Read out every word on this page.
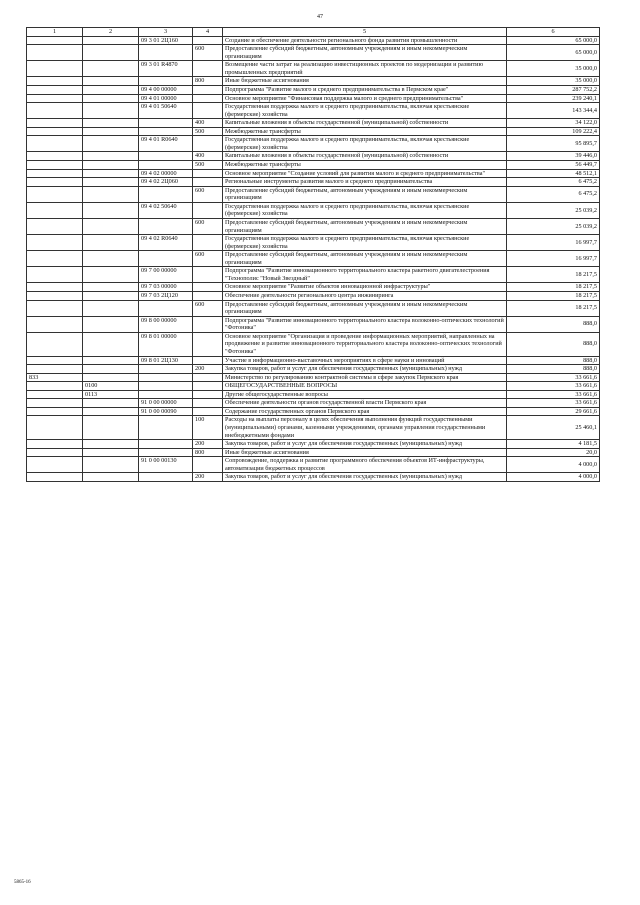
47
1	2	3	4	5	6
		09 3 01 2Ц160		Создание и обеспечение деятельности регионального фонда развития промышленности	65 000,0
			600	Предоставление субсидий бюджетным, автономным учреждениям и иным некоммерческим организациям	65 000,0
		09 3 01 R4870		Возмещение части затрат на реализацию инвестиционных проектов по модернизации и развитию промышленных предприятий	35 000,0
			800	Иные бюджетные ассигнования	35 000,0
		09 4 00 00000		Подпрограмма "Развитие малого и среднего предпринимательства в Пермском крае"	287 752,2
		09 4 01 00000		Основное мероприятие "Финансовая поддержка малого и среднего предпринимательства"	239 240,1
		09 4 01 50640		Государственная поддержка малого и среднего предпринимательства, включая крестьянские (фермерские) хозяйства	143 344,4
			400	Капитальные вложения в объекты государственной (муниципальной) собственности	34 122,0
			500	Межбюджетные трансферты	109 222,4
		09 4 01 R0640		Государственная поддержка малого и среднего предпринимательства, включая крестьянские (фермерские) хозяйства	95 895,7
			400	Капитальные вложения в объекты государственной (муниципальной) собственности	39 446,0
			500	Межбюджетные трансферты	56 449,7
		09 4 02 00000		Основное мероприятие "Создание условий для развития малого и среднего предпринимательства"	48 512,1
		09 4 02 2Ц060		Региональные инструменты развития малого и среднего предпринимательства	6 475,2
			600	Предоставление субсидий бюджетным, автономным учреждениям и иным некоммерческим организациям	6 475,2
		09 4 02 50640		Государственная поддержка малого и среднего предпринимательства, включая крестьянские (фермерские) хозяйства	25 039,2
			600	Предоставление субсидий бюджетным, автономным учреждениям и иным некоммерческим организациям	25 039,2
		09 4 02 R0640		Государственная поддержка малого и среднего предпринимательства, включая крестьянские (фермерские) хозяйства	16 997,7
			600	Предоставление субсидий бюджетным, автономным учреждениям и иным некоммерческим организациям	16 997,7
		09 7 00 00000		Подпрограмма "Развитие инновационного территориального кластера ракетного двигателестроения "Технополис "Новый Звездный"	18 217,5
		09 7 03 00000		Основное мероприятие "Развитие объектов инновационной инфраструктуры"	18 217,5
		09 7 03 2Ц120		Обеспечение деятельности регионального центра инжиниринга	18 217,5
			600	Предоставление субсидий бюджетным, автономным учреждениям и иным некоммерческим организациям	18 217,5
		09 8 00 00000		Подпрограмма "Развитие инновационного территориального кластера волоконно-оптических технологий "Фотоника"	888,0
		09 8 01 00000		Основное мероприятие "Организация и проведение информационных мероприятий, направленных на продвижение и развитие инновационного территориального кластера волоконно-оптических технологий "Фотоника"	888,0
		09 8 01 2Ц130		Участие в информационно-выставочных мероприятиях в сфере науки и инноваций	888,0
			200	Закупка товаров, работ и услуг для обеспечения государственных (муниципальных) нужд	888,0
833				Министерство по регулированию контрактной системы в сфере закупок Пермского края	33 661,6
	0100			ОБЩЕГОСУДАРСТВЕННЫЕ ВОПРОСЫ	33 661,6
	0113			Другие общегосударственные вопросы	33 661,6
		91 0 00 00000		Обеспечение деятельности органов государственной власти Пермского края	33 661,6
		91 0 00 00090		Содержание государственных органов Пермского края	29 661,6
			100	Расходы на выплаты персоналу в целях обеспечения выполнения функций государственными (муниципальными) органами, казенными учреждениями, органами управления государственными внебюджетными фондами	25 460,1
			200	Закупка товаров, работ и услуг для обеспечения государственных (муниципальных) нужд	4 181,5
			800	Иные бюджетные ассигнования	20,0
		91 0 00 00130		Сопровождение, поддержка и развитие программного обеспечения объектов ИТ-инфраструктуры, автоматизации бюджетных процессов	4 000,0
			200	Закупка товаров, работ и услуг для обеспечения государственных (муниципальных) нужд	4 000,0
5865-16
